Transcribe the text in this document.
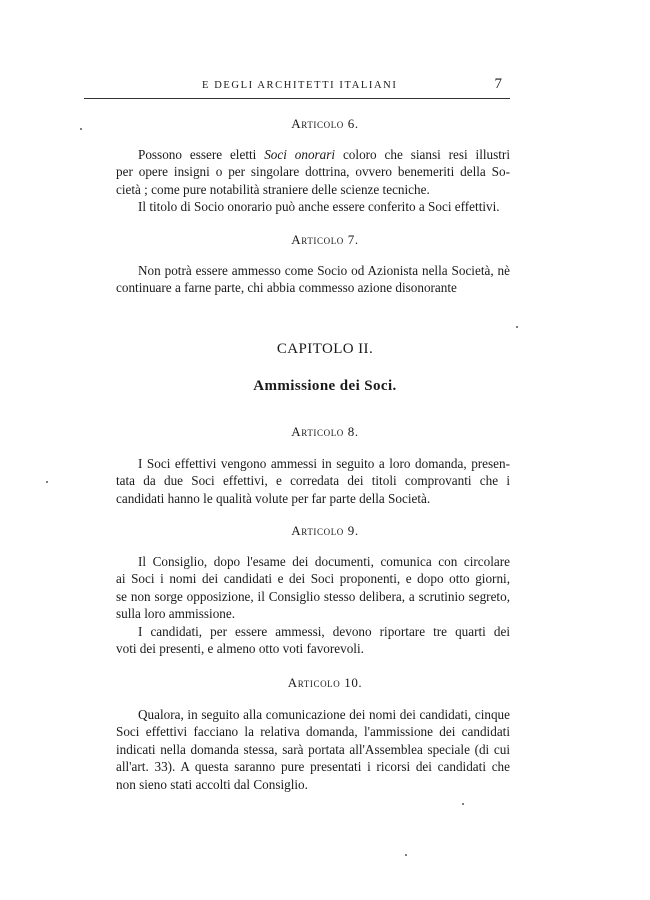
E DEGLI ARCHITETTI ITALIANI	7
Articolo 6.

Possono essere eletti Soci onorari coloro che siansi resi illustri
per opere insigni o per singolare dottrina, ovvero benemeriti della So-
cietà ; come pure notabilità straniere delle scienze tecniche.
Il titolo di Socio onorario può anche essere conferito a Soci effettivi.

Articolo 7.

Non potrà essere ammesso come Socio od Azionista nella Società, nè
continuare a farne parte, chi abbia commesso azione disonorante

CAPITOLO II.
Ammissione dei Soci.
Articolo 8.

I Soci effettivi vengono ammessi in seguito a loro domanda, presen-
tata da due Soci effettivi, e corredata dei titoli comprovanti che i
candidati hanno le qualità volute per far parte della Società.

Articolo 9.

Il Consiglio, dopo l'esame dei documenti, comunica con circolare
ai Soci i nomi dei candidati e dei Soci proponenti, e dopo otto giorni,
se non sorge opposizione, il Consiglio stesso delibera, a scrutinio segreto,
sulla loro ammissione.
I candidati, per essere ammessi, devono riportare tre quarti dei
voti dei presenti, e almeno otto voti favorevoli.

Articolo 10.

Qualora, in seguito alla comunicazione dei nomi dei candidati, cinque
Soci effettivi facciano la relativa domanda, l'ammissione dei candidati
indicati nella domanda stessa, sarà portata all'Assemblea speciale (di cui
all'art. 33). A questa saranno pure presentati i ricorsi dei candidati che
non sieno stati accolti dal Consiglio.
